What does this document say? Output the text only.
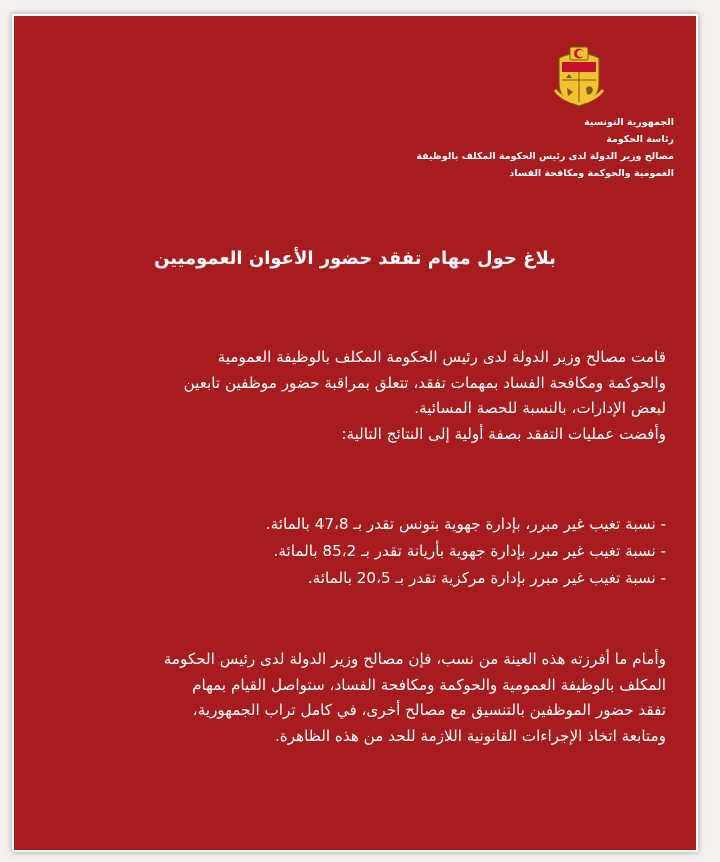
الجمهورية التونسية
رئاسة الحكومة
مصالح وزير الدولة لدى رئيس الحكومة المكلف بالوظيفة
العمومية والحوكمة ومكافحة الفساد
بلاغ حول مهام تفقد حضور الأعوان العموميين
قامت مصالح وزير الدولة لدى رئيس الحكومة المكلف بالوظيفة العمومية
والحوكمة ومكافحة الفساد بمهمات تفقد، تتعلق بمراقبة حضور موظفين تابعين
لبعض الإدارات، بالنسبة للحصة المسائية.
وأفضت عمليات التفقد بصفة أولية إلى النتائج التالية:
- نسبة تغيب غير مبرر، بإدارة جهوية بتونس تقدر بـ 47،8 بالمائة.
- نسبة تغيب غير مبرر بإدارة جهوية بأريانة تقدر بـ 85،2 بالمائة.
- نسبة تغيب غير مبرر بإدارة مركزية تقدر بـ 20،5 بالمائة.
وأمام ما أفرزته هذه العينة من نسب، فإن مصالح وزير الدولة لدى رئيس الحكومة
المكلف بالوظيفة العمومية والحوكمة ومكافحة الفساد، ستواصل القيام بمهام
تفقد حضور الموظفين بالتنسيق مع مصالح أخرى، في كامل تراب الجمهورية،
ومتابعة اتخاذ الإجراءات القانونية اللازمة للحد من هذه الظاهرة.
